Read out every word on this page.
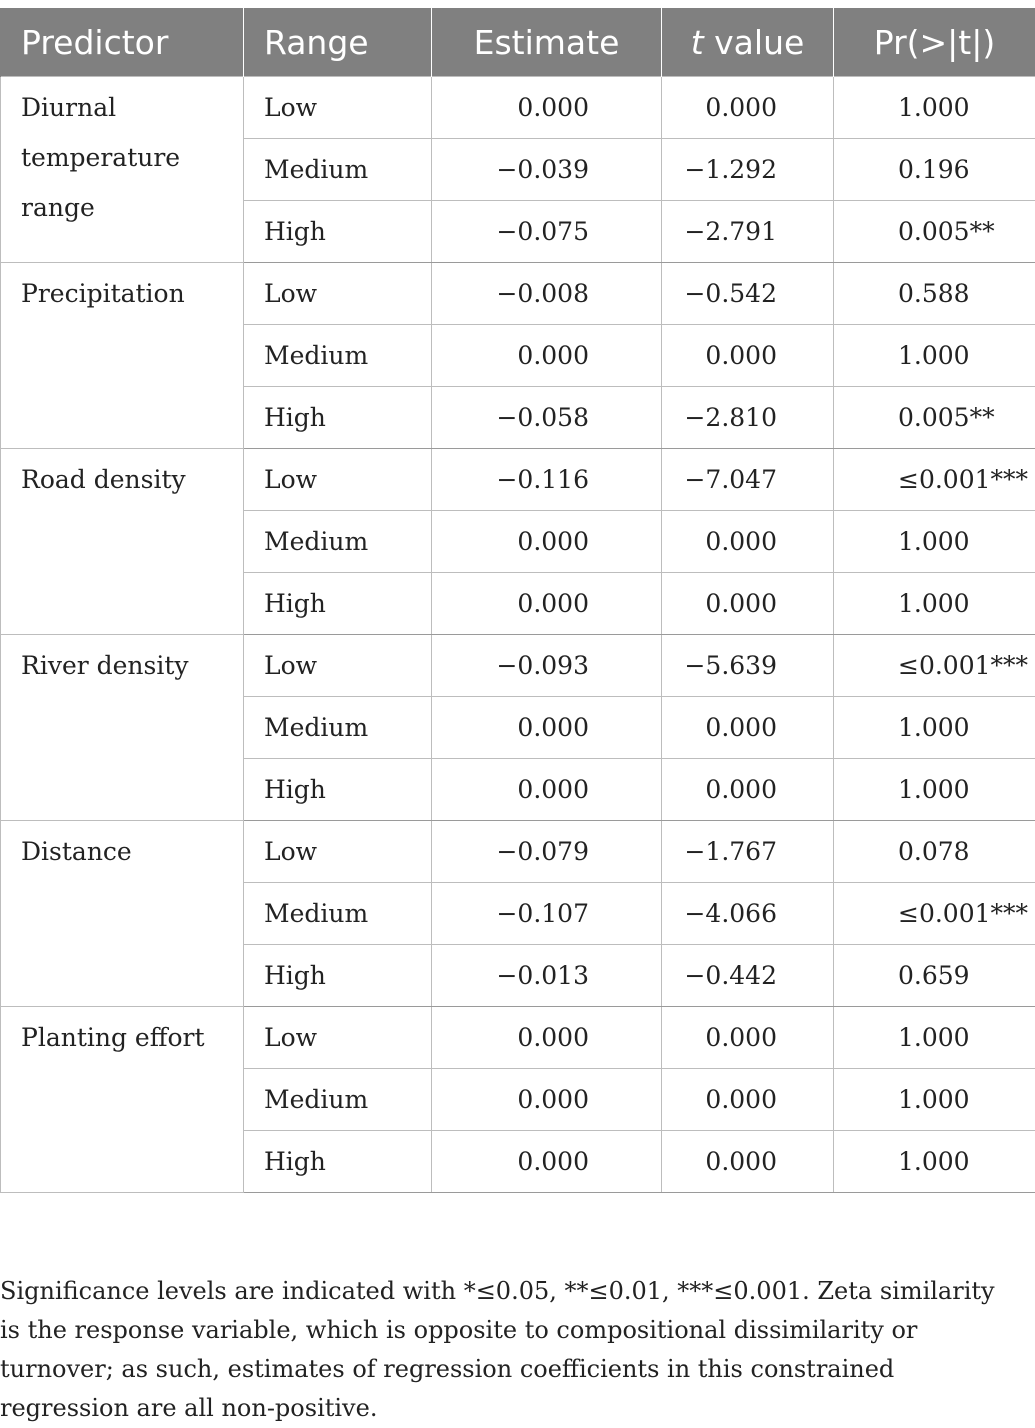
Predictor	Range	Estimate	t value	Pr(>|t|)
Diurnal temperature range	Low	0.000	0.000	1.000
	Medium	−0.039	−1.292	0.196
	High	−0.075	−2.791	0.005**
Precipitation	Low	−0.008	−0.542	0.588
	Medium	0.000	0.000	1.000
	High	−0.058	−2.810	0.005**
Road density	Low	−0.116	−7.047	≤0.001***
	Medium	0.000	0.000	1.000
	High	0.000	0.000	1.000
River density	Low	−0.093	−5.639	≤0.001***
	Medium	0.000	0.000	1.000
	High	0.000	0.000	1.000
Distance	Low	−0.079	−1.767	0.078
	Medium	−0.107	−4.066	≤0.001***
	High	−0.013	−0.442	0.659
Planting effort	Low	0.000	0.000	1.000
	Medium	0.000	0.000	1.000
	High	0.000	0.000	1.000

Significance levels are indicated with *≤0.05, **≤0.01, ***≤0.001. Zeta similarity is the response variable, which is opposite to compositional dissimilarity or turnover; as such, estimates of regression coefficients in this constrained regression are all non-positive.
